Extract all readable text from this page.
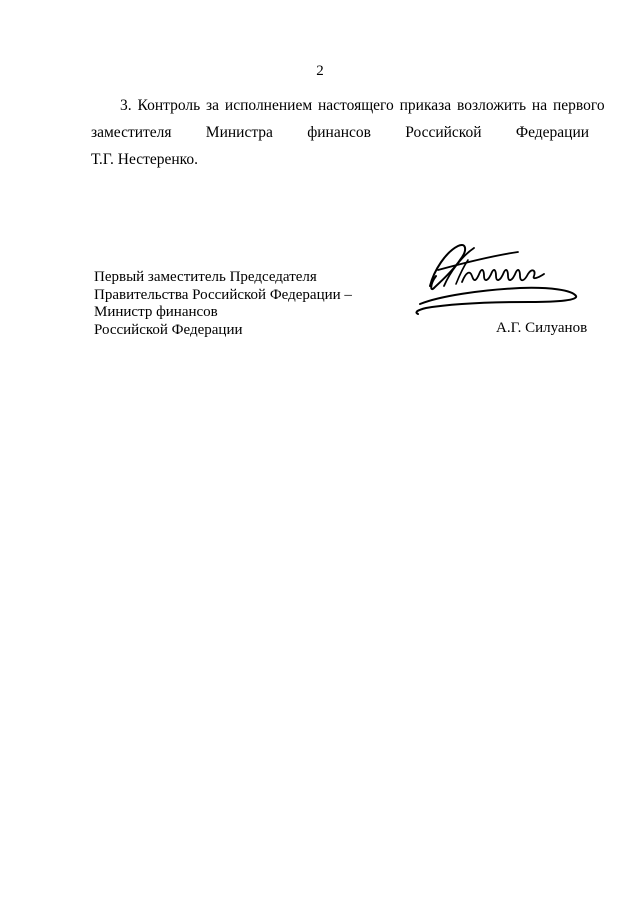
2
3. Контроль за исполнением настоящего приказа возложить на первого
заместителя Министра финансов Российской Федерации
Т.Г. Нестеренко.
Первый заместитель Председателя
Правительства Российской Федерации –
Министр финансов
Российской Федерации	А.Г. Силуанов
